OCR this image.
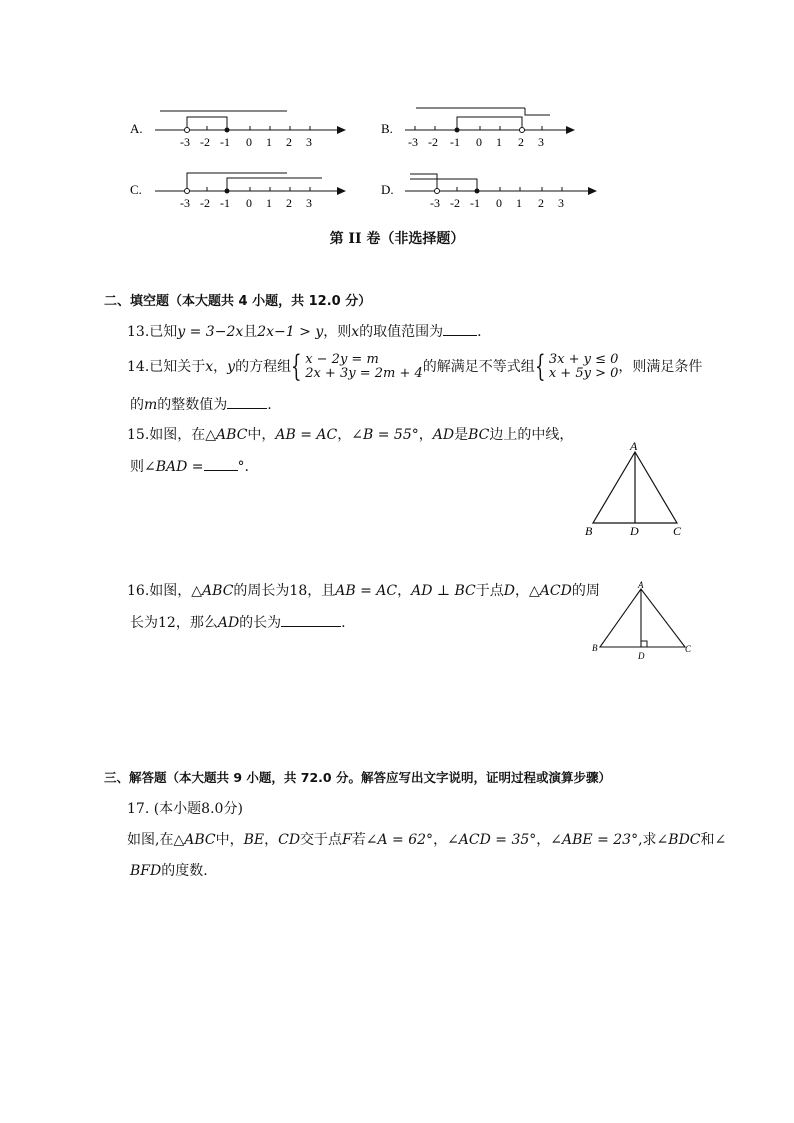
A.
-3 -2 -1 0 1 2 3
B.
-3 -2 -1 0 1 2 3
C.
-3 -2 -1 0 1 2 3
D.
-3 -2 -1 0 1 2 3
第 II 卷（非选择题）
二、填空题（本大题共 4 小题，共 12.0 分）
13.已知y = 3−2x且2x−1 > y，则x的取值范围为 .
14.已知关于x，y的方程组 { x − 2y = m
2x + 3y = 2m + 4 的解满足不等式组 { 3x + y ≤ 0
x + 5y > 0 ，则满足条件
的m的整数值为	.
15.如图，在△ABC中，AB = AC，∠B = 55°，AD是BC边上的中线，
则∠BAD = °.
A
B	D	C
16.如图，△ABC的周长为18，且AB = AC，AD ⊥ BC于点D，△ACD的周
长为12，那么AD的长为	.
A
B
D
C
三、解答题（本大题共 9 小题，共 72.0 分。解答应写出文字说明，证明过程或演算步骤）
17. (本小题8.0分)
如图,在△ABC中，BE，CD交于点F若∠A = 62°，∠ACD = 35°，∠ABE = 23°,求∠BDC和∠
BFD的度数.
